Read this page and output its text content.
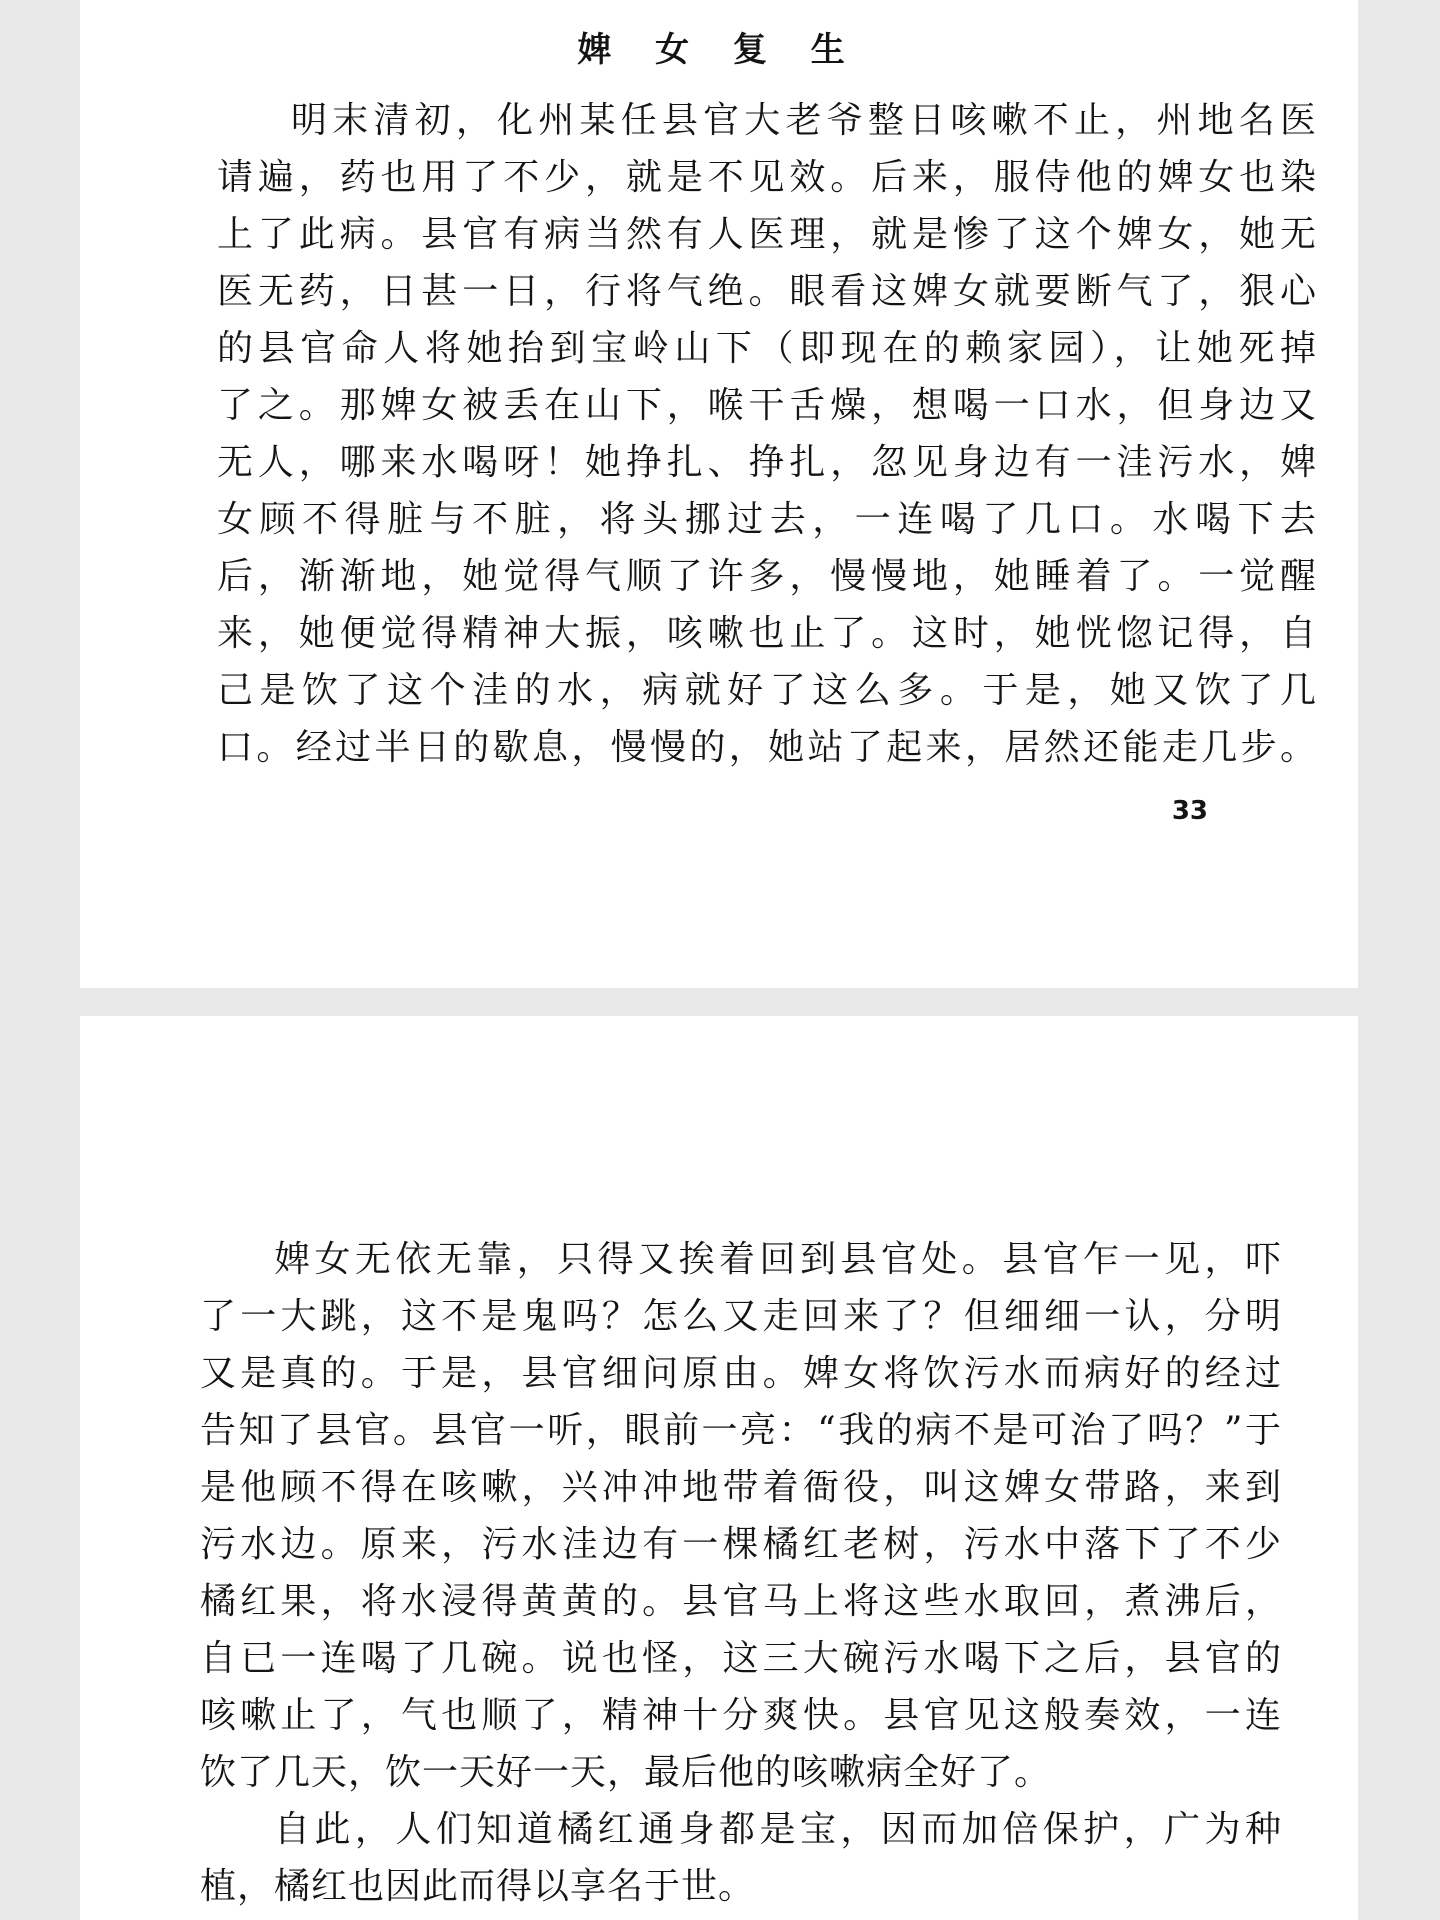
婢 女 复 生
明末清初，化州某任县官大老爷整日咳嗽不止，州地名医
请遍，药也用了不少，就是不见效。后来，服侍他的婢女也染
上了此病。县官有病当然有人医理，就是惨了这个婢女，她无
医无药，日甚一日，行将气绝。眼看这婢女就要断气了，狠心
的县官命人将她抬到宝岭山下（即现在的赖家园），让她死掉
了之。那婢女被丢在山下，喉干舌燥，想喝一口水，但身边又
无人，哪来水喝呀！她挣扎、挣扎，忽见身边有一洼污水，婢
女顾不得脏与不脏，将头挪过去，一连喝了几口。水喝下去
后，渐渐地，她觉得气顺了许多，慢慢地，她睡着了。一觉醒
来，她便觉得精神大振，咳嗽也止了。这时，她恍惚记得，自
己是饮了这个洼的水，病就好了这么多。于是，她又饮了几
口。经过半日的歇息，慢慢的，她站了起来，居然还能走几步。
33
婢女无依无靠，只得又挨着回到县官处。县官乍一见，吓
了一大跳，这不是鬼吗？怎么又走回来了？但细细一认，分明
又是真的。于是，县官细问原由。婢女将饮污水而病好的经过
告知了县官。县官一听，眼前一亮：“我的病不是可治了吗？”于
是他顾不得在咳嗽，兴冲冲地带着衙役，叫这婢女带路，来到
污水边。原来，污水洼边有一棵橘红老树，污水中落下了不少
橘红果，将水浸得黄黄的。县官马上将这些水取回，煮沸后，
自已一连喝了几碗。说也怪，这三大碗污水喝下之后，县官的
咳嗽止了，气也顺了，精神十分爽快。县官见这般奏效，一连
饮了几天，饮一天好一天，最后他的咳嗽病全好了。
自此，人们知道橘红通身都是宝，因而加倍保护，广为种
植，橘红也因此而得以享名于世。
